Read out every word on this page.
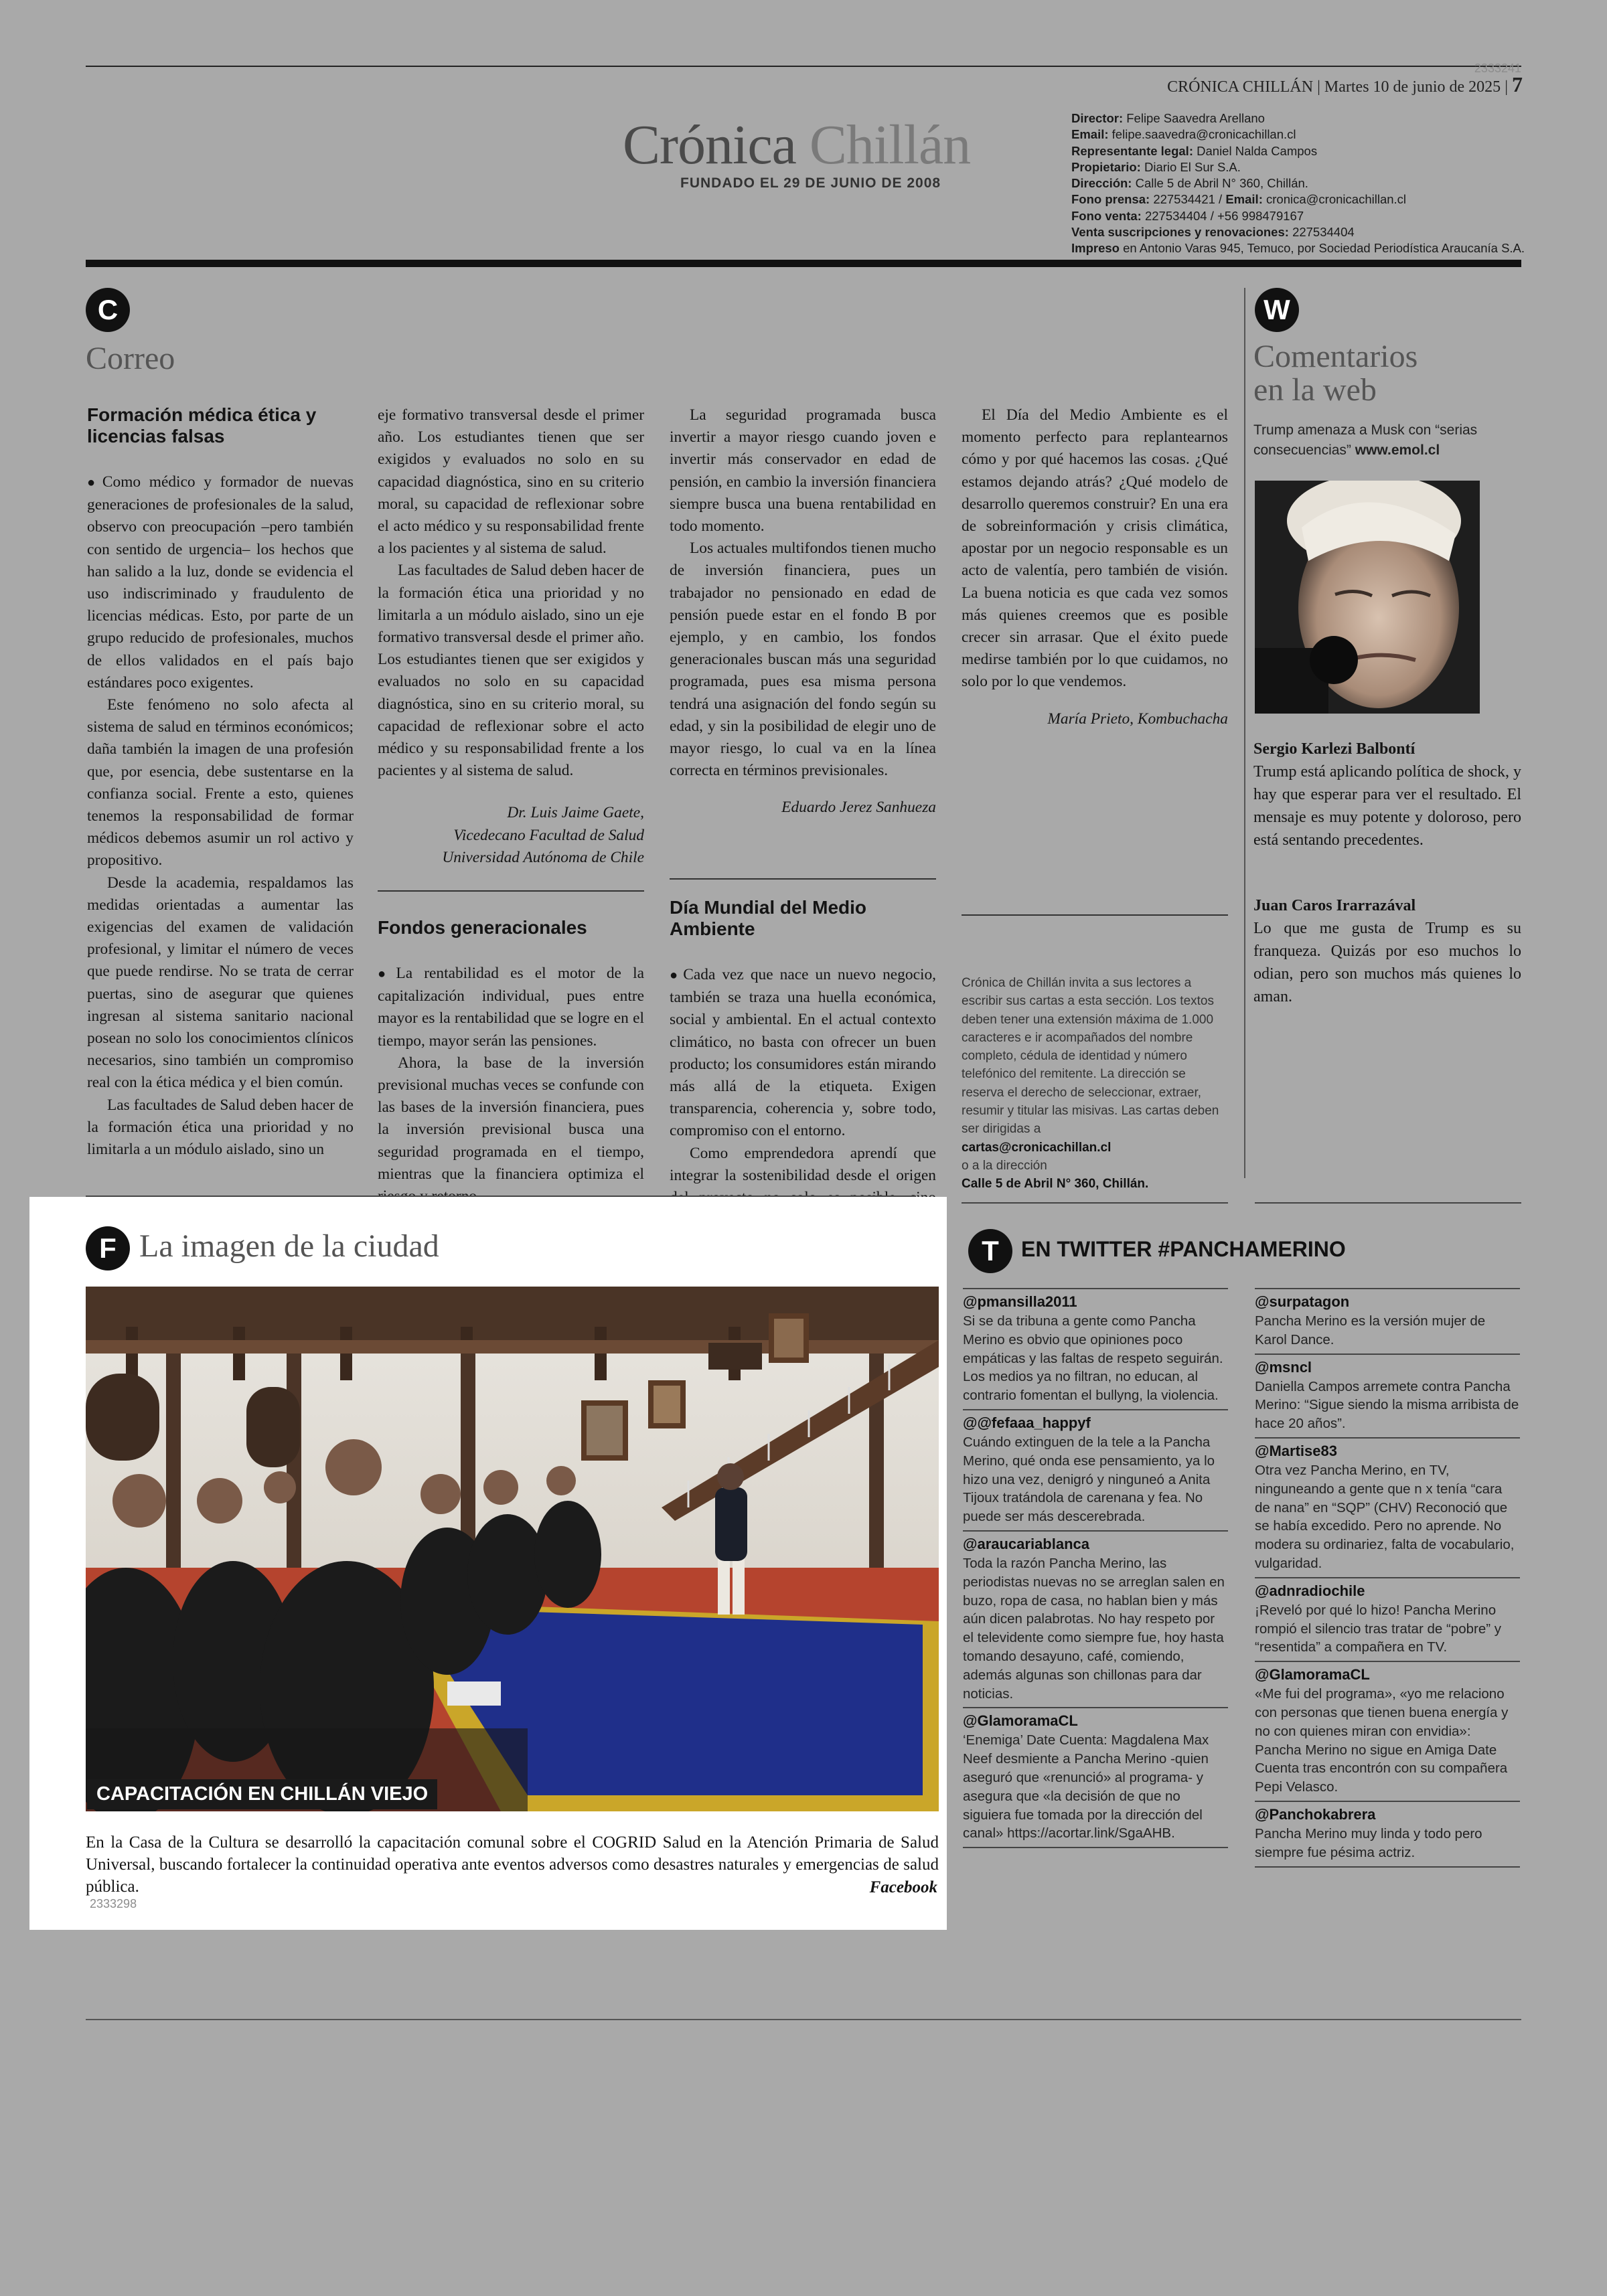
2333241
CRÓNICA CHILLÁN | Martes 10 de junio de 2025 | 7
Crónica Chillán
FUNDADO EL 29 DE JUNIO DE 2008
Director: Felipe Saavedra Arellano
Email: felipe.saavedra@cronicachillan.cl
Representante legal: Daniel Nalda Campos
Propietario: Diario El Sur S.A.
Dirección: Calle 5 de Abril N° 360, Chillán.
Fono prensa: 227534421 / Email: cronica@cronicachillan.cl
Fono venta: 227534404 / +56 998479167
Venta suscripciones y renovaciones: 227534404
Impreso en Antonio Varas 945, Temuco, por Sociedad Periodística Araucanía S.A.
C
Correo
Formación médica ética y licencias falsas

● Como médico y formador de nuevas generaciones de profesionales de la salud, observo con preocupación –pero también con sentido de urgencia– los hechos que han salido a la luz, donde se evidencia el uso indiscriminado y fraudulento de licencias médicas. Esto, por parte de un grupo reducido de profesionales, muchos de ellos validados en el país bajo estándares poco exigentes.

Este fenómeno no solo afecta al sistema de salud en términos económicos; daña también la imagen de una profesión que, por esencia, debe sustentarse en la confianza social. Frente a esto, quienes tenemos la responsabilidad de formar médicos debemos asumir un rol activo y propositivo.

Desde la academia, respaldamos las medidas orientadas a aumentar las exigencias del examen de validación profesional, y limitar el número de veces que puede rendirse. No se trata de cerrar puertas, sino de asegurar que quienes ingresan al sistema sanitario nacional posean no solo los conocimientos clínicos necesarios, sino también un compromiso real con la ética médica y el bien común.

Las facultades de Salud deben hacer de la formación ética una prioridad y no limitarla a un módulo aislado, sino un

eje formativo transversal desde el primer año. Los estudiantes tienen que ser exigidos y evaluados no solo en su capacidad diagnóstica, sino en su criterio moral, su capacidad de reflexionar sobre el acto médico y su responsabilidad frente a los pacientes y al sistema de salud.

Las facultades de Salud deben hacer de la formación ética una prioridad y no limitarla a un módulo aislado, sino un eje formativo transversal desde el primer año. Los estudiantes tienen que ser exigidos y evaluados no solo en su capacidad diagnóstica, sino en su criterio moral, su capacidad de reflexionar sobre el acto médico y su responsabilidad frente a los pacientes y al sistema de salud.

Dr. Luis Jaime Gaete,

Vicedecano Facultad de Salud

Universidad Autónoma de Chile

Fondos generacionales

● La rentabilidad es el motor de la capitalización individual, pues entre mayor es la rentabilidad que se logre en el tiempo, mayor serán las pensiones.

Ahora, la base de la inversión previsional muchas veces se confunde con las bases de la inversión financiera, pues la inversión previsional busca una seguridad programada en el tiempo, mientras que la financiera optimiza el

La seguridad programada busca invertir a mayor riesgo cuando joven e invertir más conservador en edad de pensión, en cambio la inversión financiera siempre busca una buena rentabilidad en todo momento.

Los actuales multifondos tienen mucho de inversión financiera, pues un trabajador no pensionado en edad de pensión puede estar en el fondo B por ejemplo, y en cambio, los fondos generacionales buscan más una seguridad programada, pues esa misma persona tendrá una asignación del fondo según su edad, y sin la posibilidad de elegir uno de mayor riesgo, lo cual va en la línea correcta en términos previsionales.

Eduardo Jerez Sanhueza

Día Mundial del Medio Ambiente

● Cada vez que nace un nuevo negocio, también se traza una huella económica, social y ambiental. En el actual contexto climático, no basta con ofrecer un buen producto; los consumidores están mirando más allá de la etiqueta. Exigen transparencia, coherencia y, sobre todo, compromiso con el entorno.

Como emprendedora aprendí que integrar la sostenibilidad desde el origen

El Día del Medio Ambiente es el momento perfecto para replantearnos cómo y por qué hacemos las cosas. ¿Qué estamos dejando atrás? ¿Qué modelo de desarrollo queremos construir? En una era de sobreinformación y crisis climática, apostar por un negocio responsable es un acto de valentía, pero también de visión. La buena noticia es que cada vez somos más quienes creemos que es posible crecer sin arrasar. Que el éxito puede medirse también por lo que cuidamos, no solo por lo que vendemos.

María Prieto, Kombuchacha

Crónica de Chillán invita a sus lectores a escribir sus cartas a esta sección. Los textos deben tener una extensión máxima de 1.000 caracteres e ir acompañados del nombre completo, cédula de identidad y número telefónico del remitente. La dirección se reserva el derecho de seleccionar, extraer, resumir y titular las misivas. Las cartas deben ser dirigidas a
cartas@cronicachillan.cl
o a la dirección
Calle 5 de Abril N° 360, Chillán.
W
Comentarios
en la web
Trump amenaza a Musk con “serias consecuencias” www.emol.cl
Sergio Karlezi Balbontí
Trump está aplicando política de shock, y hay que esperar para ver el resultado. El mensaje es muy potente y doloroso, pero está sentando precedentes.
Juan Caros Irarrazával
Lo que me gusta de Trump es su franqueza. Quizás por eso muchos lo odian, pero son muchos más quienes lo aman.
F La imagen de la ciudad
CAPACITACIÓN EN CHILLÁN VIEJO
En la Casa de la Cultura se desarrolló la capacitación comunal sobre el COGRID Salud en la Atención Primaria de Salud Universal, buscando fortalecer la continuidad operativa ante eventos adversos como desastres naturales y emergencias de salud pública.	Facebook
2333298
T	EN TWITTER #PANCHAMERINO
@pmansilla2011
Si se da tribuna a gente como Pancha Merino es obvio que opiniones poco empáticas y las faltas de respeto seguirán. Los medios ya no filtran, no educan, al contrario fomentan el bullyng, la violencia.
@@fefaaa_happyf
Cuándo extinguen de la tele a la Pancha Merino, qué onda ese pensamiento, ya lo hizo una vez, denigró y ninguneó a Anita Tijoux tratándola de carenana y fea. No puede ser más descerebrada.
@araucariablanca
Toda la razón Pancha Merino, las periodistas nuevas no se arreglan salen en buzo, ropa de casa, no hablan bien y más aún dicen palabrotas. No hay respeto por el televidente como siempre fue, hoy hasta tomando desayuno, café, comiendo, además algunas son chillonas para dar noticias.
@GlamoramaCL
‘Enemiga’ Date Cuenta: Magdalena Max Neef desmiente a Pancha Merino -quien aseguró que «renunció» al programa- y asegura que «la decisión de que no siguiera fue tomada por la dirección del canal» https://acortar.link/SgaAHB.
@surpatagon
Pancha Merino es la versión mujer de Karol Dance.
@msncl
Daniella Campos arremete contra Pancha Merino: “Sigue siendo la misma arribista de hace 20 años”.
@Martise83
Otra vez Pancha Merino, en TV, ninguneando a gente que n x tenía “cara de nana” en “SQP” (CHV) Reconoció que se había excedido. Pero no aprende. No modera su ordinariez, falta de vocabulario, vulgaridad.
@adnradiochile
¡Reveló por qué lo hizo! Pancha Merino rompió el silencio tras tratar de “pobre” y “resentida” a compañera en TV.
@GlamoramaCL
«Me fui del programa», «yo me relaciono con personas que tienen buena energía y no con quienes miran con envidia»: Pancha Merino no sigue en Amiga Date Cuenta tras encontrón con su compañera Pepi Velasco.
@Panchokabrera
Pancha Merino muy linda y todo pero siempre fue pésima actriz.
